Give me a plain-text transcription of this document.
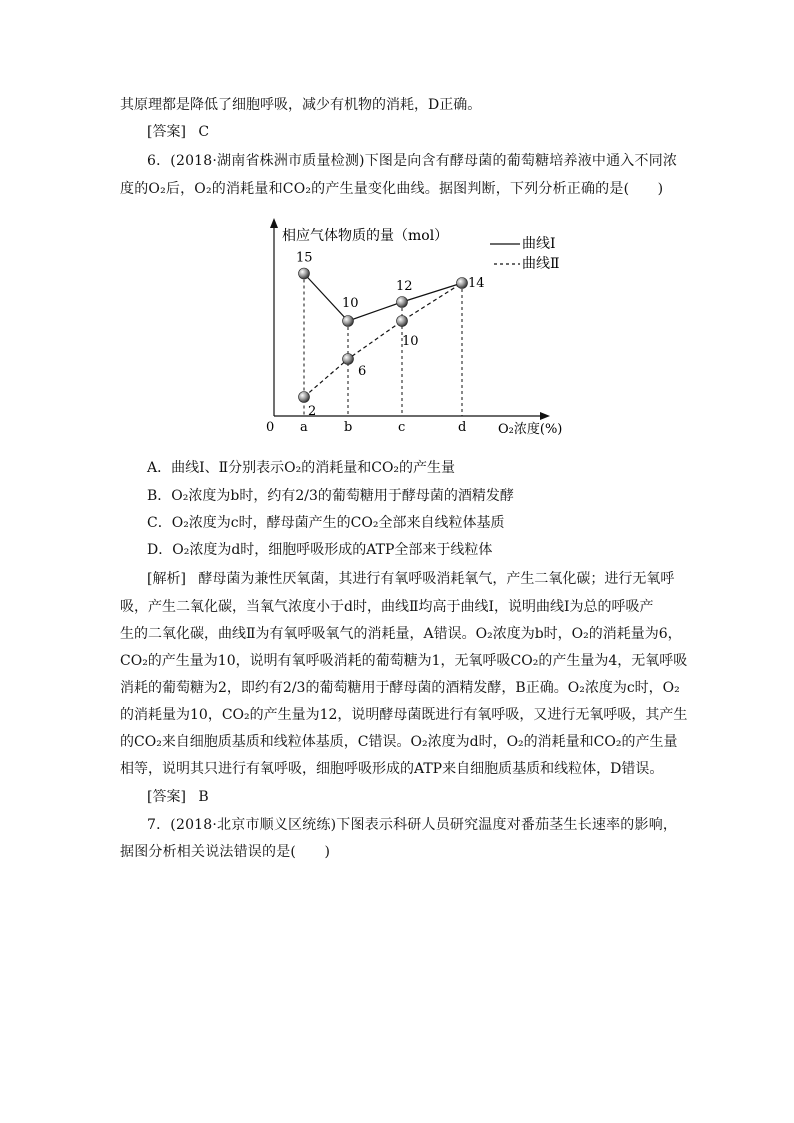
其原理都是降低了细胞呼吸，减少有机物的消耗，D正确。
[答案] C
6．(2018·湖南省株洲市质量检测)下图是向含有酵母菌的葡萄糖培养液中通入不同浓
度的O₂后，O₂的消耗量和CO₂的产生量变化曲线。据图判断，下列分析正确的是(　　)
相应气体物质的量（mol）
0	O₂浓度(%)
曲线Ⅰ
曲线Ⅱ
a	b	c	d
15
10
12	14
2
6
10
A．曲线Ⅰ、Ⅱ分别表示O₂的消耗量和CO₂的产生量
B．O₂浓度为b时，约有2/3的葡萄糖用于酵母菌的酒精发酵
C．O₂浓度为c时，酵母菌产生的CO₂全部来自线粒体基质
D．O₂浓度为d时，细胞呼吸形成的ATP全部来于线粒体
[解析] 酵母菌为兼性厌氧菌，其进行有氧呼吸消耗氧气，产生二氧化碳；进行无氧呼
吸，产生二氧化碳，当氧气浓度小于d时，曲线Ⅱ均高于曲线Ⅰ，说明曲线Ⅰ为总的呼吸产
生的二氧化碳，曲线Ⅱ为有氧呼吸氧气的消耗量，A错误。O₂浓度为b时，O₂的消耗量为6，
CO₂的产生量为10，说明有氧呼吸消耗的葡萄糖为1，无氧呼吸CO₂的产生量为4，无氧呼吸
消耗的葡萄糖为2，即约有2/3的葡萄糖用于酵母菌的酒精发酵，B正确。O₂浓度为c时，O₂
的消耗量为10，CO₂的产生量为12，说明酵母菌既进行有氧呼吸，又进行无氧呼吸，其产生
的CO₂来自细胞质基质和线粒体基质，C错误。O₂浓度为d时，O₂的消耗量和CO₂的产生量
相等，说明其只进行有氧呼吸，细胞呼吸形成的ATP来自细胞质基质和线粒体，D错误。
[答案] B
7．(2018·北京市顺义区统练)下图表示科研人员研究温度对番茄茎生长速率的影响，
据图分析相关说法错误的是(　　)
